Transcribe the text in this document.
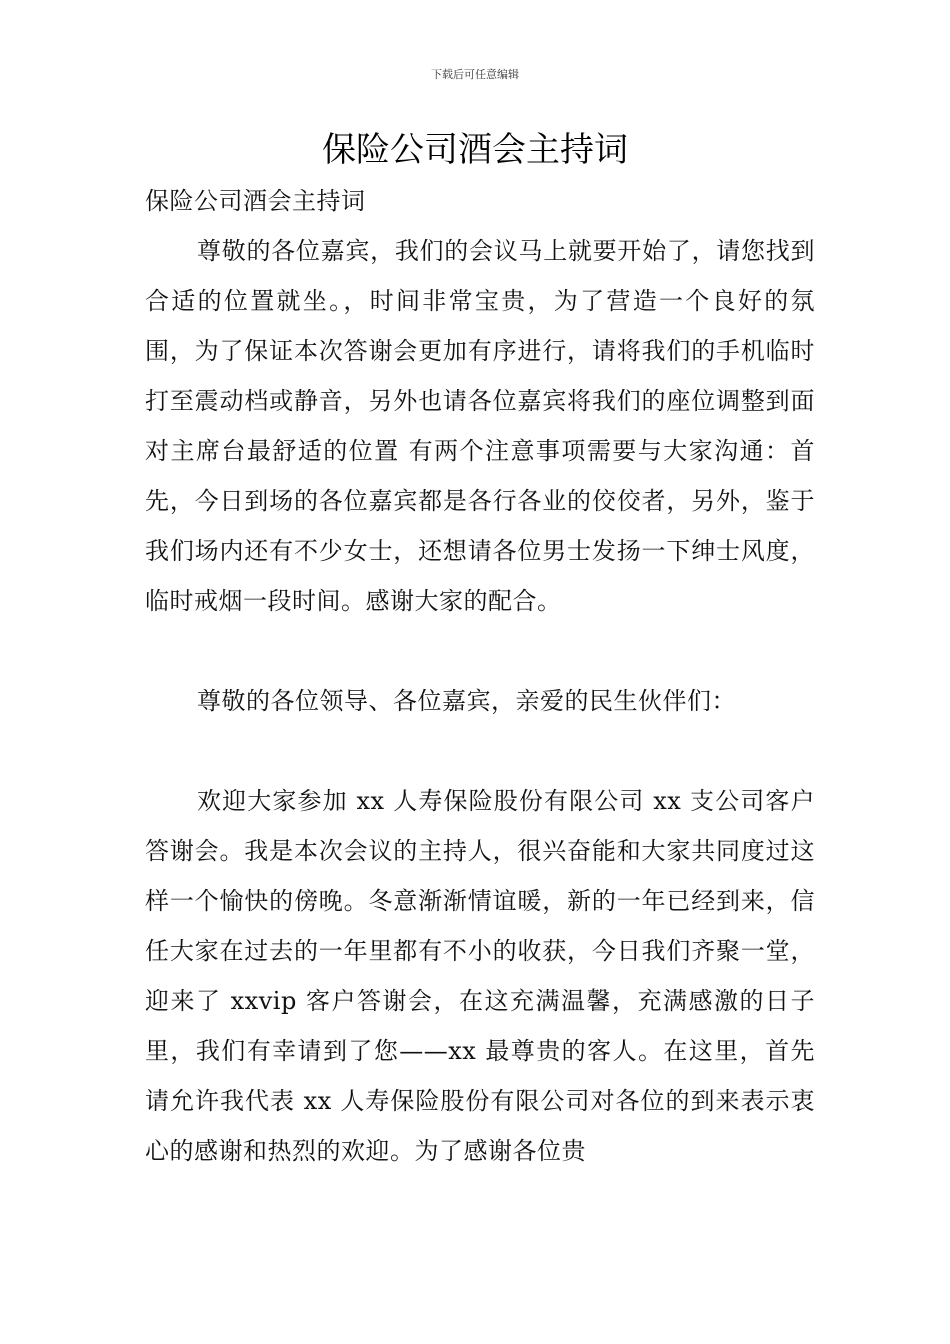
下载后可任意编辑
保险公司酒会主持词

保险公司酒会主持词

尊敬的各位嘉宾，我们的会议马上就要开始了，请您找到合适的位置就坐。，时间非常宝贵，为了营造一个良好的氛围，为了保证本次答谢会更加有序进行，请将我们的手机临时打至震动档或静音，另外也请各位嘉宾将我们的座位调整到面对主席台最舒适的位置 有两个注意事项需要与大家沟通：首先，今日到场的各位嘉宾都是各行各业的佼佼者，另外，鉴于我们场内还有不少女士，还想请各位男士发扬一下绅士风度，临时戒烟一段时间。感谢大家的配合。

尊敬的各位领导、各位嘉宾，亲爱的民生伙伴们：

欢迎大家参加 xx 人寿保险股份有限公司 xx 支公司客户答谢会。我是本次会议的主持人，很兴奋能和大家共同度过这样一个愉快的傍晚。冬意渐渐情谊暖，新的一年已经到来，信任大家在过去的一年里都有不小的收获，今日我们齐聚一堂，迎来了 xxvip 客户答谢会，在这充满温馨，充满感激的日子里，我们有幸请到了您——xx 最尊贵的客人。在这里，首先请允许我代表 xx 人寿保险股份有限公司对各位的到来表示衷心的感谢和热烈的欢迎。为了感谢各位贵
